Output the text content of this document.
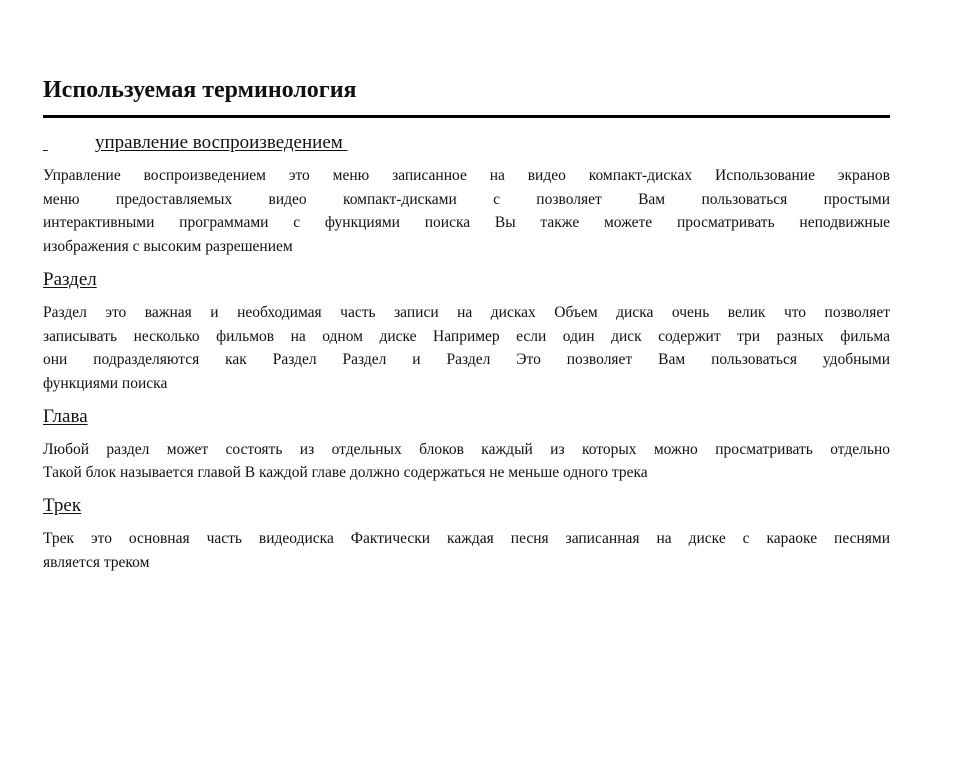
Используемая терминология
управление воспроизведением
Управление воспроизведением это меню записанное на видео компакт-дисках Использование экранов
меню предоставляемых видео компакт-дисками с позволяет Вам пользоваться простыми
интерактивными программами с функциями поиска Вы также можете просматривать неподвижные
изображения с высоким разрешением
Раздел
Раздел это важная и необходимая часть записи на дисках Объем диска очень велик что позволяет
записывать несколько фильмов на одном диске Например если один диск содержит три разных фильма
они подразделяются как Раздел Раздел и Раздел Это позволяет Вам пользоваться удобными
функциями поиска
Глава
Любой раздел может состоять из отдельных блоков каждый из которых можно просматривать отдельно
Такой блок называется главой В каждой главе должно содержаться не меньше одного трека
Трек
Трек это основная часть видеодиска Фактически каждая песня записанная на диске с караоке песнями
является треком
